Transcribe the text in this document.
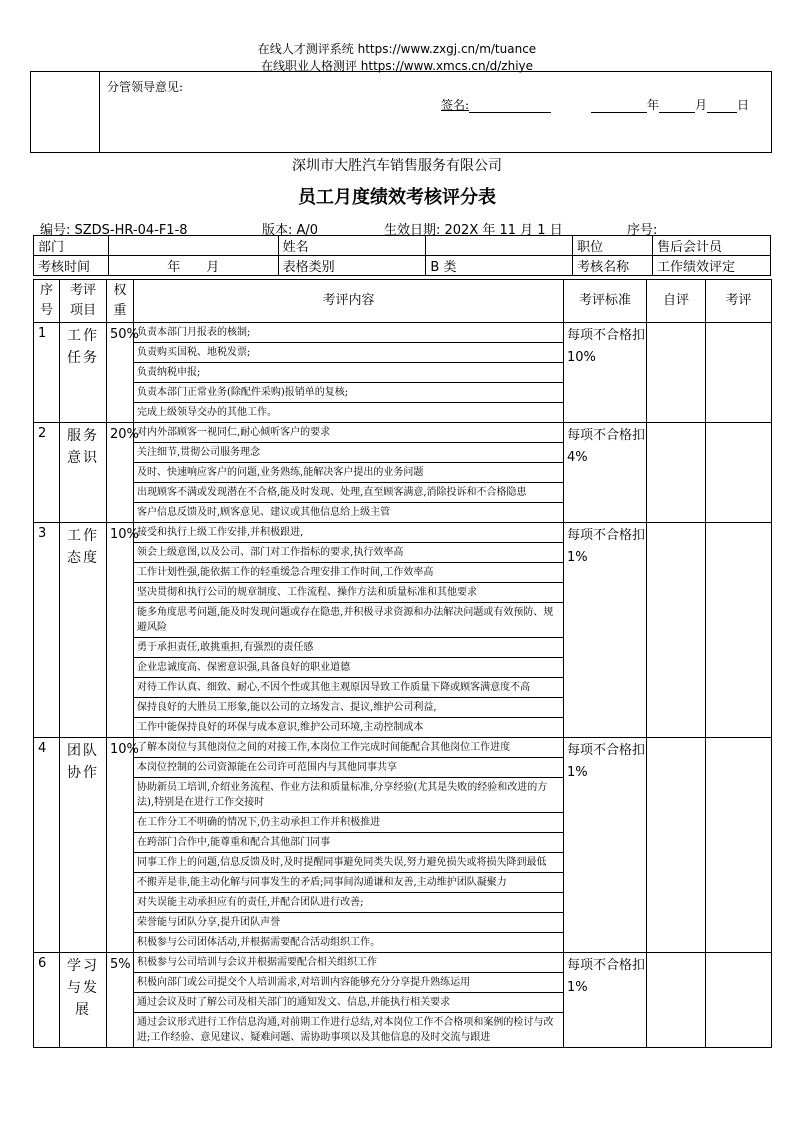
在线人才测评系统 https://www.zxgj.cn/m/tuance
在线职业人格测评 https://www.xmcs.cn/d/zhiye
分管领导意见:
签名:	年	月	日
深圳市大胜汽车销售服务有限公司
员工月度绩效考核评分表
编号: SZDS-HR-04-F1-8	版本: A/0	生效日期: 202X 年 11 月 1 日	序号:
部门		姓名		职位	售后会计员
考核时间	年　　月	表格类别	B 类	考核名称	工作绩效评定
序号	考评项目	权重	考评内容	考评标准	自评	考评
1	工作任务	50%	负责本部门月报表的核制;	每项不合格扣 10%		
			负责购买国税、地税发票;			
			负责纳税申报;			
			负责本部门正常业务(除配件采购)报销单的复核;			
			完成上级领导交办的其他工作。			
2	服务意识	20%	对内外部顾客一视同仁,耐心倾听客户的要求	每项不合格扣 4%		
			关注细节,贯彻公司服务理念			
			及时、快速响应客户的问题,业务熟练,能解决客户提出的业务问题			
			出现顾客不满或发现潜在不合格,能及时发现、处理,直至顾客满意,消除投诉和不合格隐患			
			客户信息反馈及时,顾客意见、建议或其他信息给上级主管			
3	工作态度	10%	接受和执行上级工作安排,并积极跟进,	每项不合格扣 1%		
			领会上级意图,以及公司、部门对工作指标的要求,执行效率高			
			工作计划性强,能依据工作的轻重缓急合理安排工作时间,工作效率高			
			坚决贯彻和执行公司的规章制度、工作流程、操作方法和质量标准和其他要求			
			能多角度思考问题,能及时发现问题或存在隐患,并积极寻求资源和办法解决问题或有效预防、规避风险			
			勇于承担责任,敢挑重担,有强烈的责任感			
			企业忠诚度高、保密意识强,具备良好的职业道德			
			对待工作认真、细致、耐心,不因个性或其他主观原因导致工作质量下降或顾客满意度不高			
			保持良好的大胜员工形象,能以公司的立场发言、提议,维护公司利益,			
			工作中能保持良好的环保与成本意识,维护公司环境,主动控制成本			
4	团队协作	10%	了解本岗位与其他岗位之间的对接工作,本岗位工作完成时间能配合其他岗位工作进度	每项不合格扣 1%		
			本岗位控制的公司资源能在公司许可范围内与其他同事共享			
			协助新员工培训,介绍业务流程、作业方法和质量标准,分享经验(尤其是失败的经验和改进的方法),特别是在进行工作交接时			
			在工作分工不明确的情况下,仍主动承担工作并积极推进			
			在跨部门合作中,能尊重和配合其他部门同事			
			同事工作上的问题,信息反馈及时,及时提醒同事避免同类失误,努力避免损失或将损失降到最低			
			不搬弄是非,能主动化解与同事发生的矛盾;同事间沟通谦和友善,主动维护团队凝聚力			
			对失误能主动承担应有的责任,并配合团队进行改善;			
			荣誉能与团队分享,提升团队声誉			
			积极参与公司团体活动,并根据需要配合活动组织工作。			
6	学习与发展	5%	积极参与公司培训与会议并根据需要配合相关组织工作	每项不合格扣 1%		
			积极向部门或公司提交个人培训需求,对培训内容能够充分分享提升熟练运用			
			通过会议及时了解公司及相关部门的通知发文、信息,并能执行相关要求			
			通过会议形式进行工作信息沟通,对前期工作进行总结,对本岗位工作不合格项和案例的检讨与改进;工作经验、意见建议、疑难问题、需协助事项以及其他信息的及时交流与跟进			
